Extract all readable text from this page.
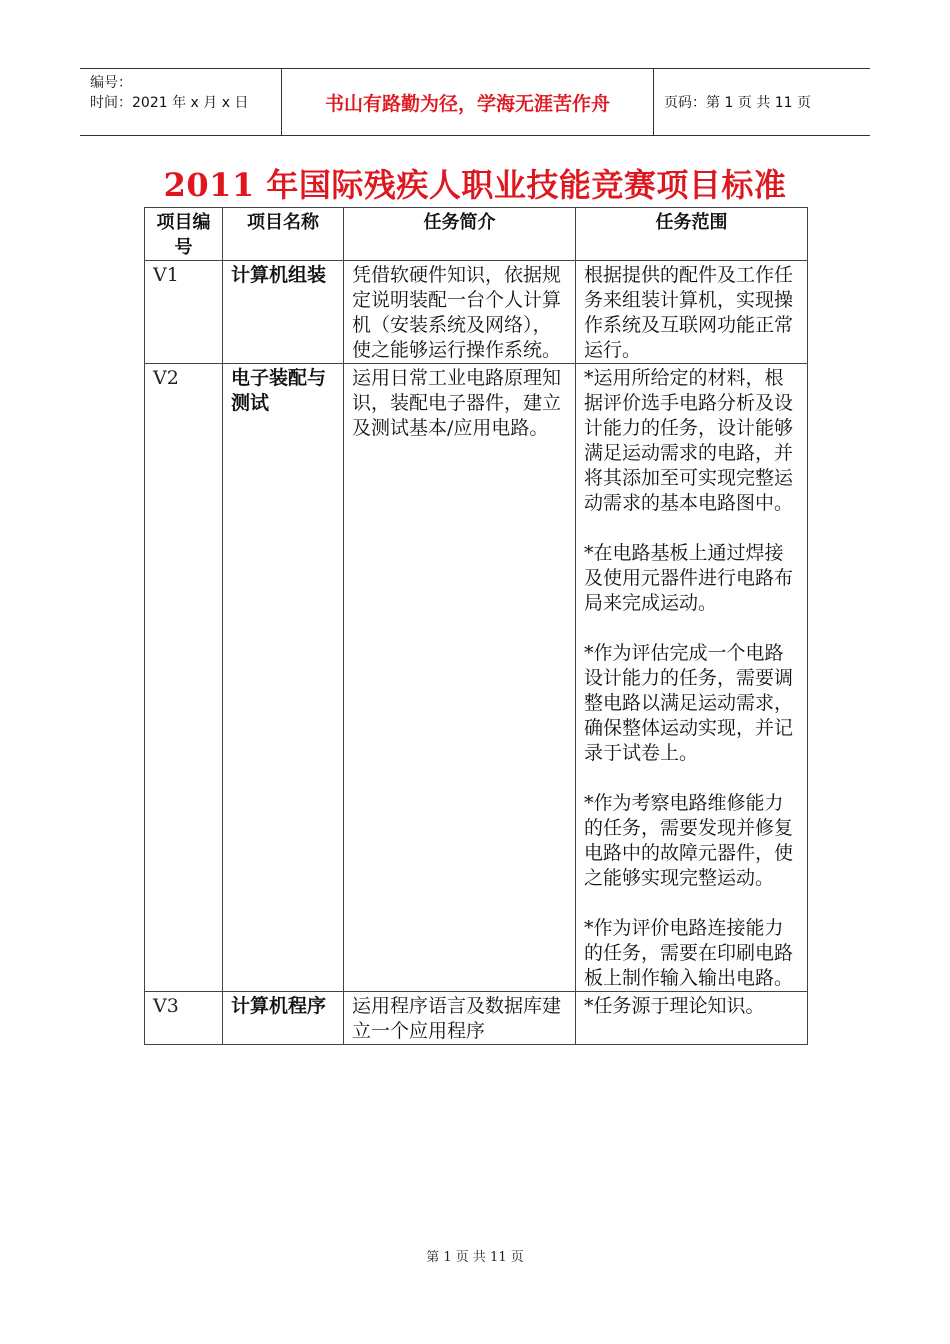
编号：
时间：2021 年 x 月 x 日	书山有路勤为径，学海无涯苦作舟	页码：第 1 页 共 11 页
2011 年国际残疾人职业技能竞赛项目标准
项目编号	项目名称	任务简介	任务范围
V1	计算机组装	凭借软硬件知识，依据规定说明装配一台个人计算机（安装系统及网络），使之能够运行操作系统。	根据提供的配件及工作任务来组装计算机，实现操作系统及互联网功能正常运行。

V2	电子装配与测试	运用日常工业电路原理知识，装配电子器件，建立及测试基本/应用电路。	*运用所给定的材料，根据评价选手电路分析及设计能力的任务，设计能够满足运动需求的电路，并将其添加至可实现完整运动需求的基本电路图中。

*在电路基板上通过焊接及使用元器件进行电路布局来完成运动。

*作为评估完成一个电路设计能力的任务，需要调整电路以满足运动需求，确保整体运动实现，并记录于试卷上。

*作为考察电路维修能力的任务，需要发现并修复电路中的故障元器件，使之能够实现完整运动。

*作为评价电路连接能力的任务，需要在印刷电路板上制作输入输出电路。

V3	计算机程序	运用程序语言及数据库建立一个应用程序	*任务源于理论知识。

第 1 页 共 11 页
